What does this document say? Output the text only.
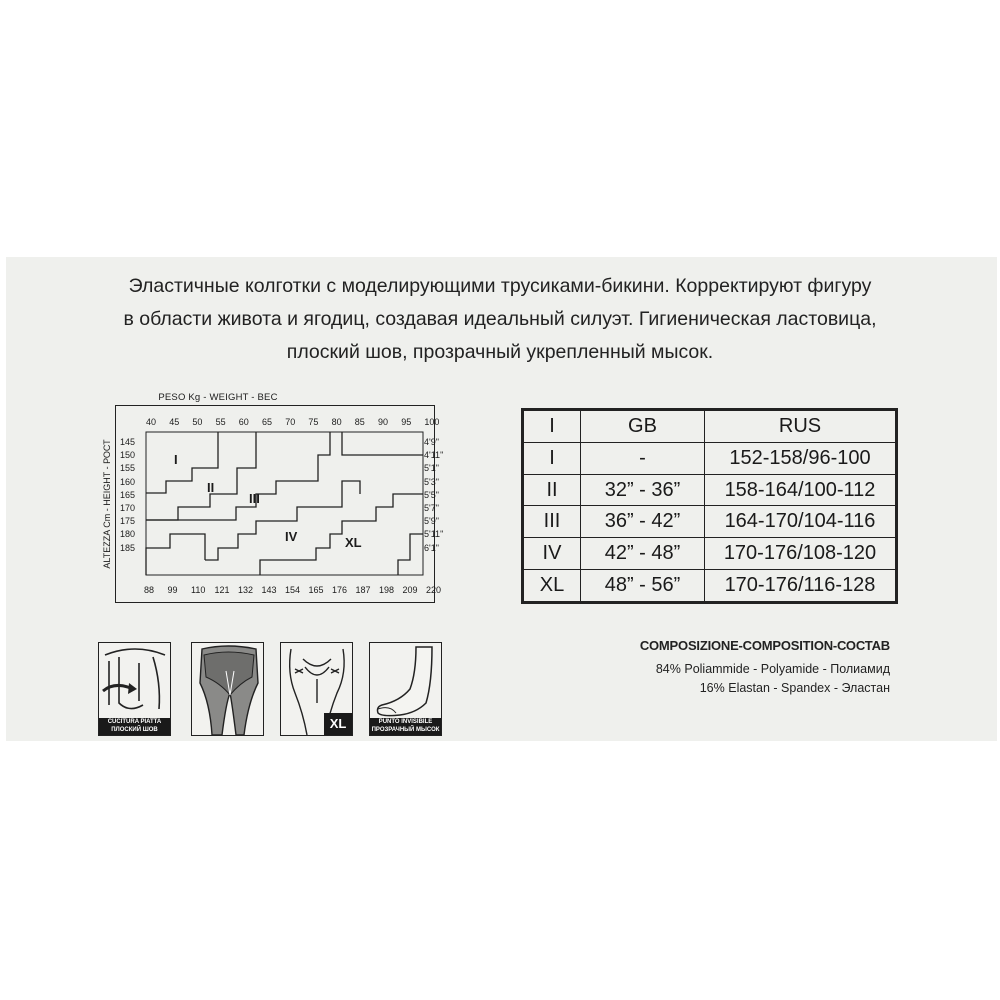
Эластичные колготки с моделирующими трусиками-бикини. Корректируют фигуру
в области живота и ягодиц, создавая идеальный силуэт. Гигиеническая ластовица,
плоский шов, прозрачный укрепленный мысок.
PESO Kg - WEIGHT - ВЕС
ALTEZZA Cm - HEIGHT - РОСТ
40 45 50 55 60 65 70 75 80 85 90 95 100
88 99 110 121 132 143 154 165 176 187 198 209 220
145
150
155
160
165
170
175
180
185
4'9"
4'11"
5'1"
5'3"
5'5"
5'7"
5'9"
5'11"
6'1"
I
II
III
IV	XL
I	GB	RUS
I	-	152-158/96-100
II	32” - 36”	158-164/100-112
III	36” - 42”	164-170/104-116
IV	42” - 48”	170-176/108-120
XL	48” - 56”	170-176/116-128
CUCITURA PIATTA
ПЛОСКИЙ ШОВ	XL	PUNTO INVISIBILE
ПРОЗРАЧНЫЙ МЫСОК
COMPOSIZIONE-COMPOSITION-СОСТАВ
84% Poliammide - Polyamide - Полиамид
16% Elastan - Spandex - Эластан
